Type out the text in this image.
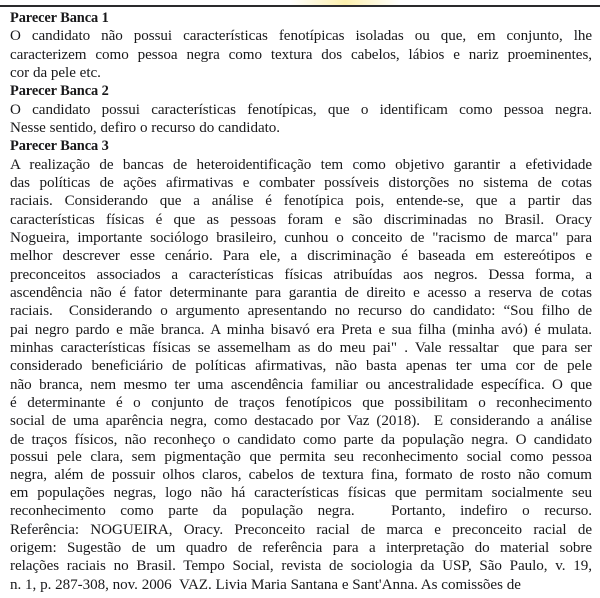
Parecer Banca 1
O candidato não possui características fenotípicas isoladas ou que, em conjunto, lhe
caracterizem como pessoa negra como textura dos cabelos, lábios e nariz proeminentes,
cor da pele etc.
Parecer Banca 2
O candidato possui características fenotípicas, que o identificam como pessoa negra.
Nesse sentido, defiro o recurso do candidato.
Parecer Banca 3
A realização de bancas de heteroidentificação tem como objetivo garantir a efetividade
das políticas de ações afirmativas e combater possíveis distorções no sistema de cotas
raciais. Considerando que a análise é fenotípica pois, entende-se, que a partir das
características físicas é que as pessoas foram e são discriminadas no Brasil. Oracy
Nogueira, importante sociólogo brasileiro, cunhou o conceito de "racismo de marca" para
melhor descrever esse cenário. Para ele, a discriminação é baseada em estereótipos e
preconceitos associados a características físicas atribuídas aos negros. Dessa forma, a
ascendência não é fator determinante para garantia de direito e acesso a reserva de cotas
raciais.  Considerando o argumento apresentando no recurso do candidato: “Sou filho de
pai negro pardo e mãe branca. A minha bisavó era Preta e sua filha (minha avó) é mulata.
minhas características físicas se assemelham as do meu pai" . Vale ressaltar  que para ser
considerado beneficiário de políticas afirmativas, não basta apenas ter uma cor de pele
não branca, nem mesmo ter uma ascendência familiar ou ancestralidade específica. O que
é determinante é o conjunto de traços fenotípicos que possibilitam o reconhecimento
social de uma aparência negra, como destacado por Vaz (2018).  E considerando a análise
de traços físicos, não reconheço o candidato como parte da população negra. O candidato
possui pele clara, sem pigmentação que permita seu reconhecimento social como pessoa
negra, além de possuir olhos claros, cabelos de textura fina, formato de rosto não comum
em populações negras, logo não há características físicas que permitam socialmente seu
reconhecimento  como  parte  da  população  negra.     Portanto,  indefiro  o  recurso.
Referência: NOGUEIRA, Oracy. Preconceito racial de marca e preconceito racial de
origem: Sugestão de um quadro de referência para a interpretação do material sobre
relações raciais no Brasil. Tempo Social, revista de sociologia da USP, São Paulo, v. 19,
n. 1, p. 287-308, nov. 2006  VAZ. Livia Maria Santana e Sant'Anna. As comissões de
